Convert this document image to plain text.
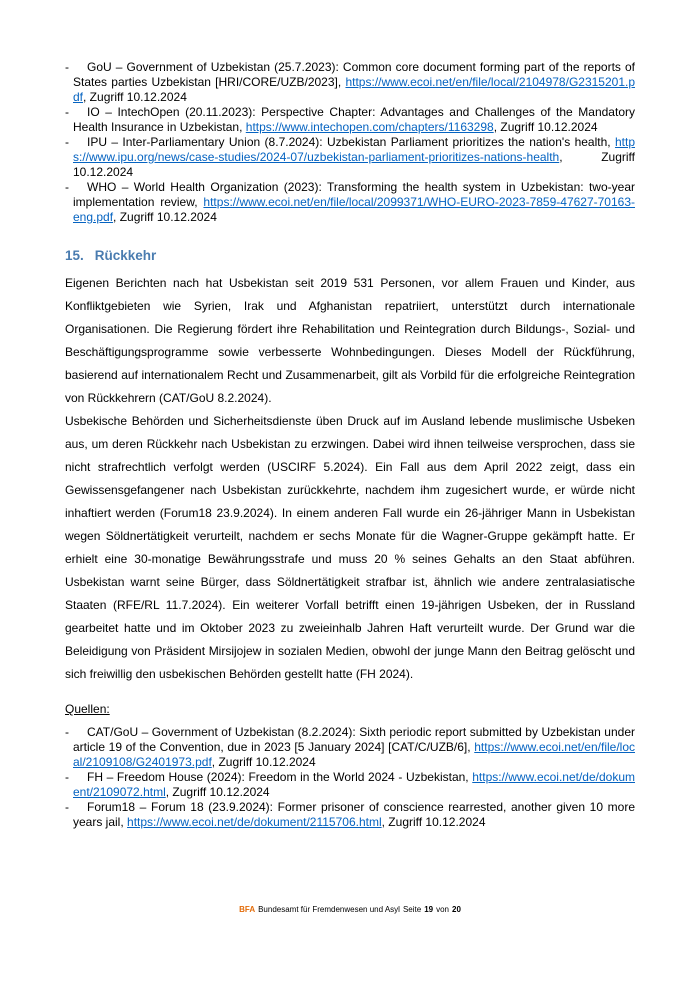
- GoU – Government of Uzbekistan (25.7.2023): Common core document forming part of the reports of States parties Uzbekistan [HRI/CORE/UZB/2023], https://www.ecoi.net/en/file/local/2104978/G2315201.pdf, Zugriff 10.12.2024
- IO – IntechOpen (20.11.2023): Perspective Chapter: Advantages and Challenges of the Mandatory Health Insurance in Uzbekistan, https://www.intechopen.com/chapters/1163298, Zugriff 10.12.2024
- IPU – Inter-Parliamentary Union (8.7.2024): Uzbekistan Parliament prioritizes the nation's health, https://www.ipu.org/news/case-studies/2024-07/uzbekistan-parliament-prioritizes-nations-health, Zugriff 10.12.2024
- WHO – World Health Organization (2023): Transforming the health system in Uzbekistan: two-year implementation review, https://www.ecoi.net/en/file/local/2099371/WHO-EURO-2023-7859-47627-70163-eng.pdf, Zugriff 10.12.2024
15. Rückkehr

Eigenen Berichten nach hat Usbekistan seit 2019 531 Personen, vor allem Frauen und Kinder, aus Konfliktgebieten wie Syrien, Irak und Afghanistan repatriiert, unterstützt durch internationale Organisationen. Die Regierung fördert ihre Rehabilitation und Reintegration durch Bildungs-, Sozial- und Beschäftigungsprogramme sowie verbesserte Wohnbedingungen. Dieses Modell der Rückführung, basierend auf internationalem Recht und Zusammenarbeit, gilt als Vorbild für die erfolgreiche Reintegration von Rückkehrern (CAT/GoU 8.2.2024).

Usbekische Behörden und Sicherheitsdienste üben Druck auf im Ausland lebende muslimische Usbeken aus, um deren Rückkehr nach Usbekistan zu erzwingen. Dabei wird ihnen teilweise versprochen, dass sie nicht strafrechtlich verfolgt werden (USCIRF 5.2024). Ein Fall aus dem April 2022 zeigt, dass ein Gewissensgefangener nach Usbekistan zurückkehrte, nachdem ihm zugesichert wurde, er würde nicht inhaftiert werden (Forum18 23.9.2024). In einem anderen Fall wurde ein 26-jähriger Mann in Usbekistan wegen Söldnertätigkeit verurteilt, nachdem er sechs Monate für die Wagner-Gruppe gekämpft hatte. Er erhielt eine 30-monatige Bewährungsstrafe und muss 20 % seines Gehalts an den Staat abführen. Usbekistan warnt seine Bürger, dass Söldnertätigkeit strafbar ist, ähnlich wie andere zentralasiatische Staaten (RFE/RL 11.7.2024). Ein weiterer Vorfall betrifft einen 19-jährigen Usbeken, der in Russland gearbeitet hatte und im Oktober 2023 zu zweieinhalb Jahren Haft verurteilt wurde. Der Grund war die Beleidigung von Präsident Mirsijojew in sozialen Medien, obwohl der junge Mann den Beitrag gelöscht und sich freiwillig den usbekischen Behörden gestellt hatte (FH 2024).

Quellen:
- CAT/GoU – Government of Uzbekistan (8.2.2024): Sixth periodic report submitted by Uzbekistan under article 19 of the Convention, due in 2023 [5 January 2024] [CAT/C/UZB/6], https://www.ecoi.net/en/file/local/2109108/G2401973.pdf, Zugriff 10.12.2024
- FH – Freedom House (2024): Freedom in the World 2024 - Uzbekistan, https://www.ecoi.net/de/dokument/2109072.html, Zugriff 10.12.2024
- Forum18 – Forum 18 (23.9.2024): Former prisoner of conscience rearrested, another given 10 more years jail, https://www.ecoi.net/de/dokument/2115706.html, Zugriff 10.12.2024
BFA Bundesamt für Fremdenwesen und Asyl Seite 19 von 20
